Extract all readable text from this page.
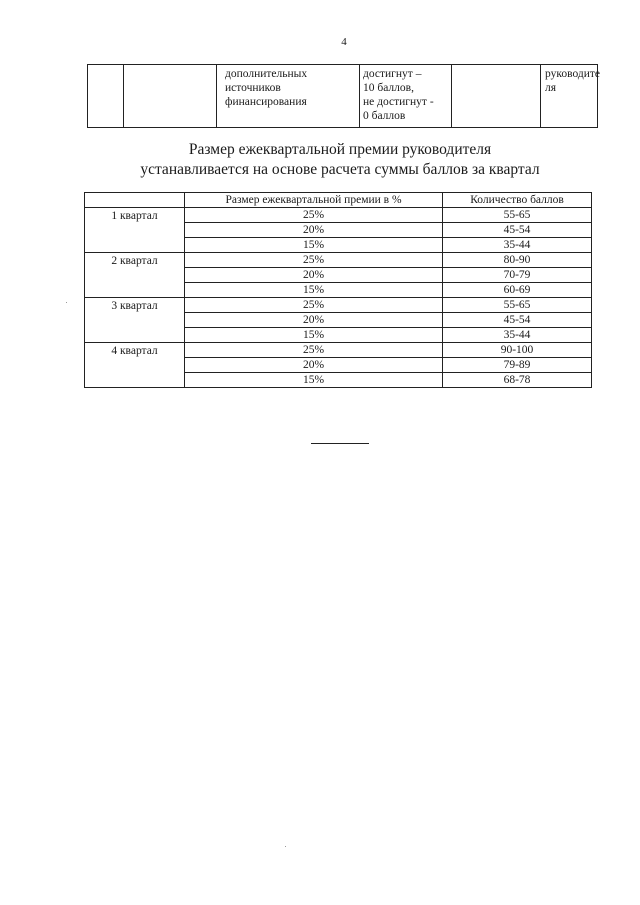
4
		дополнительных
источников
финансирования	достигнут –
10 баллов,
не достигнут -
0 баллов		руководите
ля
Размер ежеквартальной премии руководителя
устанавливается на основе расчета суммы баллов за квартал
	Размер ежеквартальной премии в %	Количество баллов
1 квартал	25%	55-65
	20%	45-54
	15%	35-44
2 квартал	25%	80-90
	20%	70-79
	15%	60-69
3 квартал	25%	55-65
	20%	45-54
	15%	35-44
4 квартал	25%	90-100
	20%	79-89
	15%	68-78
